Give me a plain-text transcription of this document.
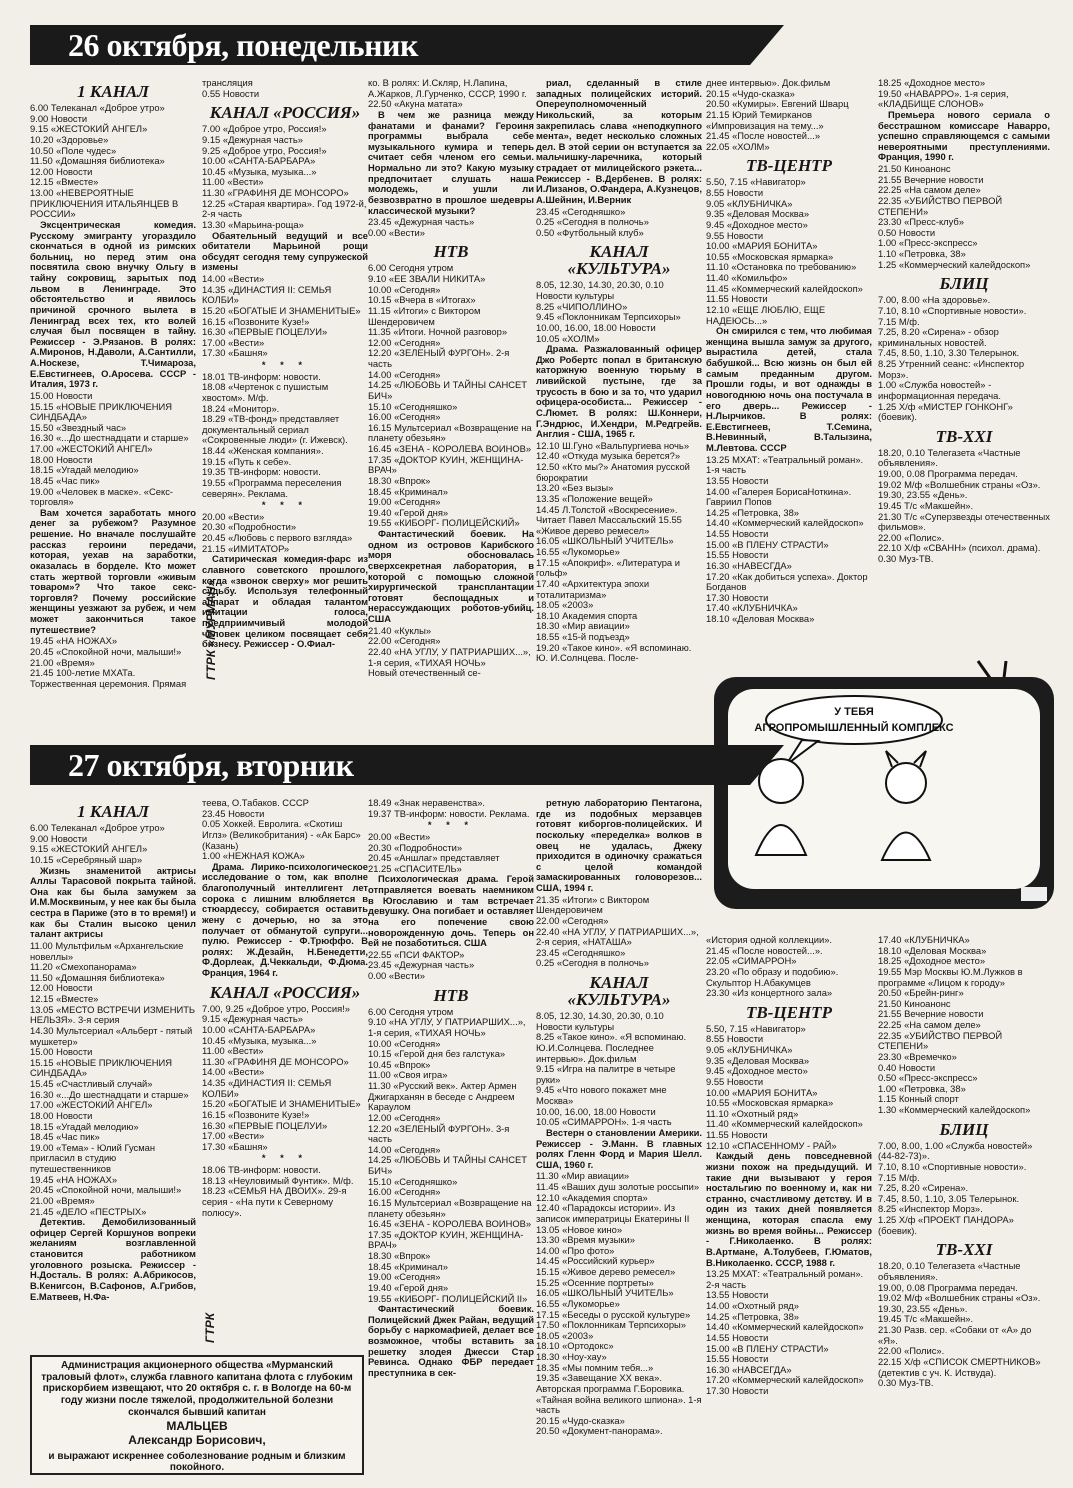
26 октября, понедельник

1 КАНАЛ

6.00 Телеканал «Доброе утро»

9.00 Новости

9.15 «ЖЕСТОКИЙ АНГЕЛ»

10.20 «Здоровье»

10.50 «Поле чудес»

11.50 «Домашняя библиотека»

12.00 Новости

12.15 «Вместе»

13.00 «НЕВЕРОЯТНЫЕ ПРИКЛЮЧЕНИЯ ИТАЛЬЯНЦЕВ В РОССИИ»

Эксцентрическая комедия. Русскому эмигранту угораздило скончаться в одной из римских больниц, но перед этим она посвятила свою внучку Ольгу в тайну сокровищ, зарытых под львом в Ленинграде. Это обстоятельство и явилось причиной срочного вылета в Ленинград всех тех, кто волей случая был посвящен в тайну. Режиссер - Э.Рязанов. В ролях: А.Миронов, Н.Даволи, А.Сантилли, А.Носкезе, Т.Чимароза, Е.Евстигнеев, О.Аросева. СССР - Италия, 1973 г.

15.00 Новости

15.15 «НОВЫЕ ПРИКЛЮЧЕНИЯ СИНДБАДА»

15.50 «Звездный час»

16.30 «...До шестнадцати и старше»

17.00 «ЖЕСТОКИЙ АНГЕЛ»

18.00 Новости

18.15 «Угадай мелодию»

18.45 «Час пик»

19.00 «Человек в маске». «Секс-торговля»

Вам хочется заработать много денег за рубежом? Разумное решение. Но вначале послушайте рассказ героини передачи, которая, уехав на заработки, оказалась в борделе. Кто может стать жертвой торговли «живым товаром»? Что такое секс-торговля? Почему российские женщины уезжают за рубеж, и чем может закончиться такое путешествие?

19.45 «НА НОЖАХ»

20.45 «Спокойной ночи, малыши!»

21.00 «Время»

21.45 100-летие МХАТа. Торжественная церемония. Прямая

трансляция

0.55 Новости

КАНАЛ «РОССИЯ»

7.00 «Доброе утро, Россия!»

9.15 «Дежурная часть»

9.25 «Доброе утро, Россия!»

10.00 «САНТА-БАРБАРА»

10.45 «Музыка, музыка...»

11.00 «Вести»

11.30 «ГРАФИНЯ ДЕ МОНСОРО»

12.25 «Старая квартира». Год 1972-й, 2-я часть

13.30 «Марьина-роща»

Обаятельный ведущий и все обитатели Марьиной рощи обсудят сегодня тему супружеской измены

14.00 «Вести»

14.35 «ДИНАСТИЯ II: СЕМЬЯ КОЛБИ»

15.20 «БОГАТЫЕ И ЗНАМЕНИТЫЕ»

16.15 «Позвоните Кузе!»

16.30 «ПЕРВЫЕ ПОЦЕЛУИ»

17.00 «Вести»

17.30 «Башня»

* * *

18.01 ТВ-информ: новости.

18.08 «Чертенок с пушистым хвостом». М/ф.

18.24 «Монитор».

18.29 «ТВ-фонд» представляет документальный сериал «Сокровенные люди» (г. Ижевск).

18.44 «Женская компания».

19.15 «Путь к себе».

19.35 ТВ-информ: новости.

19.55 «Программа переселения северян». Реклама.

* * *

20.00 «Вести»

20.30 «Подробности»

20.45 «Любовь с первого взгляда»

21.15 «ИМИТАТОР»

Сатирическая комедия-фарс из славного советского прошлого, когда «звонок сверху» мог решить судьбу. Используя телефонный аппарат и обладая талантом имитации голоса, предприимчивый молодой человек целиком посвящает себя бизнесу. Режиссер - О.Фиал-

ко. В ролях: И.Скляр, Н.Лапина, А.Жарков, Л.Гурченко, СССР, 1990 г.

22.50 «Акуна матата»

В чем же разница между фанатами и фанами? Героиня программы выбрала себе музыкального кумира и теперь считает себя членом его семьи. Нормально ли это? Какую музыку предпочитает слушать наша молодежь, и ушли ли безвозвратно в прошлое шедевры классической музыки?

23.45 «Дежурная часть»

0.00 «Вести»

НТВ

6.00 Сегодня утром

9.10 «ЕЕ ЗВАЛИ НИКИТА»

10.00 «Сегодня»

10.15 «Вчера в «Итогах»

11.15 «Итоги» с Виктором Шендеровичем

11.35 «Итоги. Ночной разговор»

12.00 «Сегодня»

12.20 «ЗЕЛЕНЫЙ ФУРГОН». 2-я часть

14.00 «Сегодня»

14.25 «ЛЮБОВЬ И ТАЙНЫ САНСЕТ БИЧ»

15.10 «Сегодняшко»

16.00 «Сегодня»

16.15 Мультсериал «Возвращение на планету обезьян»

16.45 «ЗЕНА - КОРОЛЕВА ВОИНОВ»

17.35 «ДОКТОР КУИН, ЖЕНЩИНА-ВРАЧ»

18.30 «Впрок»

18.45 «Криминал»

19.00 «Сегодня»

19.40 «Герой дня»

19.55 «КИБОРГ- ПОЛИЦЕЙСКИЙ»

Фантастический боевик. На одном из островов Карибского моря обосновалась сверхсекретная лаборатория, в которой с помощью сложной хирургической трансплантации готовят беспощадных и нерассуждающих роботов-убийц. США

21.40 «Куклы»

22.00 «Сегодня»

22.40 «НА УГЛУ, У ПАТРИАРШИХ...», 1-я серия, «ТИХАЯ НОЧЬ»

Новый отечественный се-

риал, сделанный в стиле западных полицейских историй. Опереуполномоченный Никольский, за которым закрепилась слава «неподкупного мента», ведет несколько сложных дел. В этой серии он вступается за мальчишку-ларечника, который страдает от милицейского рэкета... Режиссер - В.Дербенев. В ролях: И.Лизанов, О.Фандера, А.Кузнецов, А.Шейнин, И.Верник

23.45 «Сегодняшко»

0.25 «Сегодня в полночь»

0.50 «Футбольный клуб»

КАНАЛ «КУЛЬТУРА»

8.05, 12.30, 14.30, 20.30, 0.10 Новости культуры

8.25 «ЧИПОЛЛИНО»

9.45 «Поклонникам Терпсихоры»

10.00, 16.00, 18.00 Новости

10.05 «ХОЛМ»

Драма. Разжалованный офицер Джо Робертс попал в британскую каторжную военную тюрьму в ливийской пустыне, где за трусость в бою и за то, что ударил офицера-особиста... Режиссер - С.Люмет. В ролях: Ш.Коннери, Г.Эндрюс, И.Хендри, М.Редгрейв. Англия - США, 1965 г.

12.10 Ш.Гуно «Вальпургиева ночь»

12.40 «Откуда музыка берется?»

12.50 «Кто мы?» Анатомия русской бюрократии

13.20 «Без вызы»

13.35 «Положение вещей»

14.45 Л.Толстой «Воскресение». Читает Павел Массальский 15.55 «Живое дерево ремесел»

16.05 «ШКОЛЬНЫЙ УЧИТЕЛЬ»

16.55 «Лукоморье»

17.15 «Апокриф». «Литература и гольф»

17.40 «Архитектура эпохи тоталитаризма»

18.05 «2003»

18.10 Академия спорта

18.30 «Мир авиации»

18.55 «15-й подъезд»

19.20 «Такое кино». «Я вспоминаю. Ю. И.Солнцева. После-

днее интервью». Док.фильм

20.15 «Чудо-сказка»

20.50 «Кумиры». Евгений Шварц

21.15 Юрий Темирканов «Импровизация на тему...»

21.45 «После новостей...»

22.05 «ХОЛМ»

ТВ-ЦЕНТР

5.50, 7.15 «Навигатор»

8.55 Новости

9.05 «КЛУБНИЧКА»

9.35 «Деловая Москва»

9.45 «Доходное место»

9.55 Новости

10.00 «МАРИЯ БОНИТА»

10.55 «Московская ярмарка»

11.10 «Остановка по требованию»

11.40 «Комильфо»

11.45 «Коммерческий калейдоскоп»

11.55 Новости

12.10 «ЕЩЕ ЛЮБЛЮ, ЕЩЕ НАДЕЮСЬ...»

Он смирился с тем, что любимая женщина вышла замуж за другого, вырастила детей, стала бабушкой... Всю жизнь он был ей самым преданным другом. Прошли годы, и вот однажды в новогоднюю ночь она постучала в его дверь... Режиссер - Н.Лырчиков. В ролях: Е.Евстигнеев, Т.Семина, В.Невинный, В.Талызина, М.Левтова. СССР

13.25 МХАТ: «Театральный роман». 1-я часть

13.55 Новости

14.00 «Галерея БорисаНоткина». Гавриил Попов

14.25 «Петровка, 38»

14.40 «Коммерческий калейдоскоп»

14.55 Новости

15.00 «В ПЛЕНУ СТРАСТИ»

15.55 Новости

16.30 «НАВЕСГДА»

17.20 «Как добиться успеха». Доктор Богданов

17.30 Новости

17.40 «КЛУБНИЧКА»

18.10 «Деловая Москва»

18.25 «Доходное место»

19.50 «НАВАРРО». 1-я серия, «КЛАДБИЩЕ СЛОНОВ»

Премьера нового сериала о бесстрашном комиссаре Наварро, успешно справляющемся с самыми невероятными преступлениями. Франция, 1990 г.

21.50 Киноанонс

21.55 Вечерние новости

22.25 «На самом деле»

22.35 «УБИЙСТВО ПЕРВОЙ СТЕПЕНИ»

23.30 «Пресс-клуб»

0.50 Новости

1.00 «Пресс-экспресс»

1.10 «Петровка, 38»

1.25 «Коммерческий калейдоскоп»

БЛИЦ

7.00, 8.00 «На здоровье».

7.10, 8.10 «Спортивные новости».

7.15 М/ф.

7.25, 8.20 «Сирена» - обзор криминальных новостей.

7.45, 8.50, 1.10, 3.30 Телерынок.

8.25 Утренний сеанс: «Инспектор Морз».

1.00 «Служба новостей» - информационная передача.

1.25 Х/ф «МИСТЕР ГОНКОНГ» (боевик).

ТВ-XXI

18.20, 0.10 Телегазета «Частные объявления».

19.00, 0.08 Программа передач.

19.02 М/ф «Волшебник страны «Оз».

19.30, 23.55 «День».

19.45 Т/с «Макшейн».

21.30 Т/с «Суперзвезды отечественных фильмов».

22.00 «Полис».

22.10 Х/ф «СВАНН» (психол. драма).

0.30 Муз-ТВ.

ГТРК «МУРМАН»
ГТРК
У ТЕБЯ
АГРОПРОМЫШЛЕННЫЙ КОМПЛЕКС
27 октября, вторник

1 КАНАЛ

6.00 Телеканал «Доброе утро»

9.00 Новости

9.15 «ЖЕСТОКИЙ АНГЕЛ»

10.15 «Серебряный шар»

Жизнь знаменитой актрисы Аллы Тарасовой покрыта тайной. Она как бы была замужем за И.М.Москвиным, у нее как бы была сестра в Париже (это в то время!) и как бы Сталин высоко ценил талант актрисы

11.00 Мультфильм «Архангельские новеллы»

11.20 «Смехопанорама»

11.50 «Домашняя библиотека»

12.00 Новости

12.15 «Вместе»

13.05 «МЕСТО ВСТРЕЧИ ИЗМЕНИТЬ НЕЛЬЗЯ». 3-я серия

14.30 Мультсериал «Альберт - пятый мушкетер»

15.00 Новости

15.15 «НОВЫЕ ПРИКЛЮЧЕНИЯ СИНДБАДА»

15.45 «Счастливый случай»

16.30 «...До шестнадцати и старше»

17.00 «ЖЕСТОКИЙ АНГЕЛ»

18.00 Новости

18.15 «Угадай мелодию»

18.45 «Час пик»

19.00 «Тема» - Юлий Гусман пригласил в студию путешественников

19.45 «НА НОЖАХ»

20.45 «Спокойной ночи, малыши!»

21.00 «Время»

21.45 «ДЕЛО «ПЕСТРЫХ»

Детектив. Демобилизованный офицер Сергей Коршунов вопреки желаниям возглавленной становится работником уголовного розыска. Режиссер - Н.Досталь. В ролях: А.Абрикосов, В.Кенигсон, В.Сафонов, А.Грибов, Е.Матвеев, Н.Фа-

теева, О.Табаков. СССР

23.45 Новости

0.05 Хоккей. Евролига. «Скотиш Иглз» (Великобритания) - «Ак Барс» (Казань)

1.00 «НЕЖНАЯ КОЖА»

Драма. Лирико-психологическое исследование о том, как вполне благополучный интеллигент лет сорока с лишним влюбляется в стюардессу, собирается оставить жену с дочерью, но за это получает от обманутой супруги... пулю. Режиссер - Ф.Трюффо. В ролях: Ж.Дезайн, Н.Бенедетти, Ф.Дорлеак, Д.Чеккальди, Ф.Дюма. Франция, 1964 г.

КАНАЛ «РОССИЯ»

7.00, 9.25 «Доброе утро, Россия!»

9.15 «Дежурная часть»

10.00 «САНТА-БАРБАРА»

10.45 «Музыка, музыка...»

11.00 «Вести»

11.30 «ГРАФИНЯ ДЕ МОНСОРО»

14.00 «Вести»

14.35 «ДИНАСТИЯ II: СЕМЬЯ КОЛБИ»

15.20 «БОГАТЫЕ И ЗНАМЕНИТЫЕ»

16.15 «Позвоните Кузе!»

16.30 «ПЕРВЫЕ ПОЦЕЛУИ»

17.00 «Вести»

17.30 «Башня»

* * *

18.06 ТВ-информ: новости.

18.13 «Неуловимый Фунтик». М/ф.

18.23 «СЕМЬЯ НА ДВОИХ». 29-я серия - «На пути к Северному полюсу».

18.49 «Знак неравенства».

19.37 ТВ-информ: новости. Реклама.

* * *

20.00 «Вести»

20.30 «Подробности»

20.45 «Аншлаг» представляет

21.25 «СПАСИТЕЛЬ»

Психологическая драма. Герой отправляется воевать наемником в Югославию и там встречает девушку. Она погибает и оставляет на его попечение свою новорожденную дочь. Теперь он ей не позаботиться. США

22.55 «ПСИ ФАКТОР»

23.45 «Дежурная часть»

0.00 «Вести»

НТВ

6.00 Сегодня утром

9.10 «НА УГЛУ, У ПАТРИАРШИХ...», 1-я серия, «ТИХАЯ НОЧЬ»

10.00 «Сегодня»

10.15 «Герой дня без галстука»

10.45 «Впрок»

11.00 «Своя игра»

11.30 «Русский век». Актер Армен Джигарханян в беседе с Андреем Караулом

12.00 «Сегодня»

12.20 «ЗЕЛЕНЫЙ ФУРГОН». 3-я часть

14.00 «Сегодня»

14.25 «ЛЮБОВЬ И ТАЙНЫ САНСЕТ БИЧ»

15.10 «Сегодняшко»

16.00 «Сегодня»

16.15 Мультсериал «Возвращение на планету обезьян»

16.45 «ЗЕНА - КОРОЛЕВА ВОИНОВ»

17.35 «ДОКТОР КУИН, ЖЕНЩИНА-ВРАЧ»

18.30 «Впрок»

18.45 «Криминал»

19.00 «Сегодня»

19.40 «Герой дня»

19.55 «КИБОРГ- ПОЛИЦЕЙСКИЙ II»

Фантастический боевик. Полицейский Джек Райан, ведущий борьбу с наркомафией, делает все возможное, чтобы вставить за решетку злодея Джесси Стар Ревинса. Однако ФБР передает преступника в сек-

ретную лабораторию Пентагона, где из подобных мерзавцев готовят киборгов-полицейских. И поскольку «переделка» волков в овец не удалась, Джеку приходится в одиночку сражаться с целой командой замаскированных головорезов... США, 1994 г.

21.35 «Итоги» с Виктором Шендеровичем

22.00 «Сегодня»

22.40 «НА УГЛУ, У ПАТРИАРШИХ...», 2-я серия, «НАТАША»

23.45 «Сегодняшко»

0.25 «Сегодня в полночь»

КАНАЛ «КУЛЬТУРА»

8.05, 12.30, 14.30, 20.30, 0.10 Новости культуры

8.25 «Такое кино». «Я вспоминаю. Ю.И.Солнцева. Последнее интервью». Док.фильм

9.15 «Игра на палитре в четыре руки»

9.45 «Что нового покажет мне Москва»

10.00, 16.00, 18.00 Новости

10.05 «СИМАРРОН». 1-я часть

Вестерн о становлении Америки. Режиссер - Э.Манн. В главных ролях Гленн Форд и Мария Шелл. США, 1960 г.

11.30 «Мир авиации»

11.45 «Ваших душ золотые россыпи»

12.10 «Академия спорта»

12.40 «Парадоксы истории». Из записок императрицы Екатерины II

13.05 «Новое кино»

13.30 «Время музыки»

14.00 «Про фото»

14.45 «Российский курьер»

15.15 «Живое дерево ремесел»

15.25 «Осенние портреты»

16.05 «ШКОЛЬНЫЙ УЧИТЕЛЬ»

16.55 «Лукоморье»

17.15 «Беседы о русской культуре»

17.50 «Поклонникам Терпсихоры»

18.05 «2003»

18.10 «Ортодокс»

18.30 «Ноу-хау»

18.35 «Мы помним тебя...»

19.35 «Завещание XX века». Авторская программа Г.Боровика. «Тайная война великого шпиона». 1-я часть

20.15 «Чудо-сказка»

20.50 «Документ-панорама».

«История одной коллекции».

21.45 «После новостей...».

22.05 «СИМАРРОН»

23.20 «По образу и подобию». Скульптор Н.Абакумцев

23.30 «Из концертного зала»

ТВ-ЦЕНТР

5.50, 7.15 «Навигатор»

8.55 Новости

9.05 «КЛУБНИЧКА»

9.35 «Деловая Москва»

9.45 «Доходное место»

9.55 Новости

10.00 «МАРИЯ БОНИТА»

10.55 «Московская ярмарка»

11.10 «Охотный ряд»

11.40 «Коммерческий калейдоскоп»

11.55 Новости

12.10 «СПАСЕННОМУ - РАЙ»

Каждый день повседневной жизни похож на предыдущий. И такие дни вызывают у героя ностальгию по военному и, как ни странно, счастливому детству. И в один из таких дней появляется женщина, которая спасла ему жизнь во время войны... Режиссер - Г.Николаенко. В ролях: В.Артмане, А.Толубеев, Г.Юматов, В.Николаенко. СССР, 1988 г.

13.25 МХАТ: «Театральный роман». 2-я часть

13.55 Новости

14.00 «Охотный ряд»

14.25 «Петровка, 38»

14.40 «Коммерческий калейдоскоп»

14.55 Новости

15.00 «В ПЛЕНУ СТРАСТИ»

15.55 Новости

16.30 «НАВСЕГДА»

17.20 «Коммерческий калейдоскоп»

17.30 Новости

17.40 «КЛУБНИЧКА»

18.10 «Деловая Москва»

18.25 «Доходное место»

19.55 Мэр Москвы Ю.М.Лужков в программе «Лицом к городу»

20.50 «Брейн-ринг»

21.50 Киноанонс

21.55 Вечерние новости

22.25 «На самом деле»

22.35 «УБИЙСТВО ПЕРВОЙ СТЕПЕНИ»

23.30 «Времечко»

0.40 Новости

0.50 «Пресс-экспресс»

1.00 «Петровка, 38»

1.15 Конный спорт

1.30 «Коммерческий калейдоскоп»

БЛИЦ

7.00, 8.00, 1.00 «Служба новостей» (44-82-73)».

7.10, 8.10 «Спортивные новости».

7.15 М/ф.

7.25, 8.20 «Сирена».

7.45, 8.50, 1.10, 3.05 Телерынок.

8.25 «Инспектор Морз».

1.25 Х/ф «ПРОЕКТ ПАНДОРА» (боевик).

ТВ-XXI

18.20, 0.10 Телегазета «Частные объявления».

19.00, 0.08 Программа передач.

19.02 М/ф «Волшебник страны «Оз».

19.30, 23.55 «День».

19.45 Т/с «Макшейн».

21.30 Разв. сер. «Собаки от «А» до «Я».

22.00 «Полис».

22.15 Х/ф «СПИСОК СМЕРТНИКОВ» (детектив с уч. К. Иствуда).

0.30 Муз-ТВ.

Администрация акционерного общества «Мурманский траловый флот», служба главного капитана флота с глубоким прискорбием извещают, что 20 октября с. г. в Вологде на 60-м году жизни после тяжелой, продолжительной болезни скончался бывший капитан

МАЛЬЦЕВ

Александр Борисович,

и выражают искреннее соболезнование родным и близким покойного.
